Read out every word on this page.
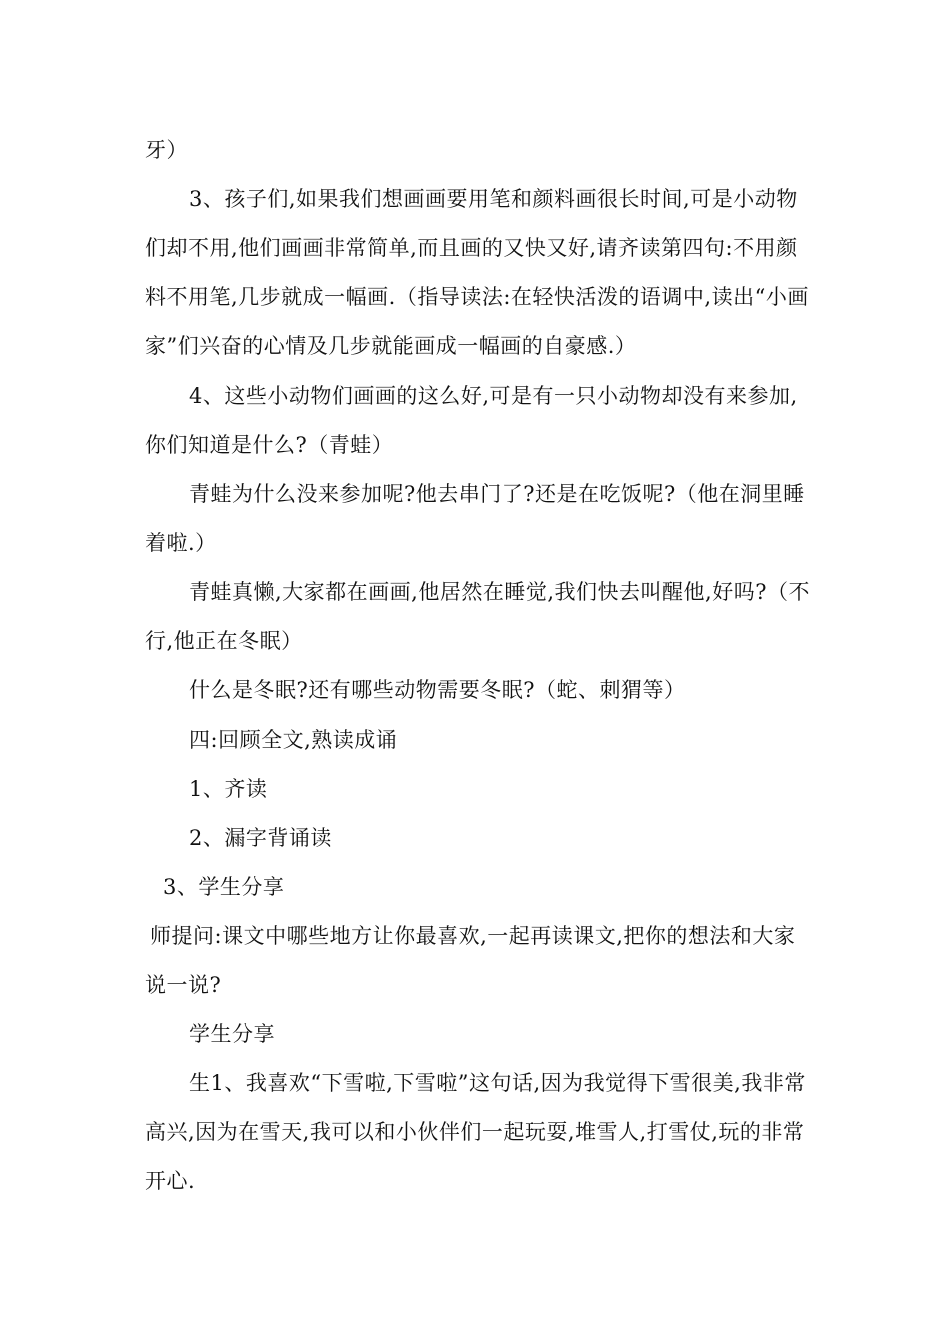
牙）

3、孩子们,如果我们想画画要用笔和颜料画很长时间,可是小动物们却不用,他们画画非常简单,而且画的又快又好,请齐读第四句:不用颜料不用笔,几步就成一幅画.（指导读法:在轻快活泼的语调中,读出“小画家”们兴奋的心情及几步就能画成一幅画的自豪感.）

4、这些小动物们画画的这么好,可是有一只小动物却没有来参加,你们知道是什么?（青蛙）

青蛙为什么没来参加呢?他去串门了?还是在吃饭呢?（他在洞里睡着啦.）

青蛙真懒,大家都在画画,他居然在睡觉,我们快去叫醒他,好吗?（不行,他正在冬眠）

什么是冬眠?还有哪些动物需要冬眠?（蛇、刺猬等）

四:回顾全文,熟读成诵

1、齐读

2、漏字背诵读

3、学生分享

师提问:课文中哪些地方让你最喜欢,一起再读课文,把你的想法和大家说一说?

学生分享

生1、我喜欢“下雪啦,下雪啦”这句话,因为我觉得下雪很美,我非常高兴,因为在雪天,我可以和小伙伴们一起玩耍,堆雪人,打雪仗,玩的非常开心.
